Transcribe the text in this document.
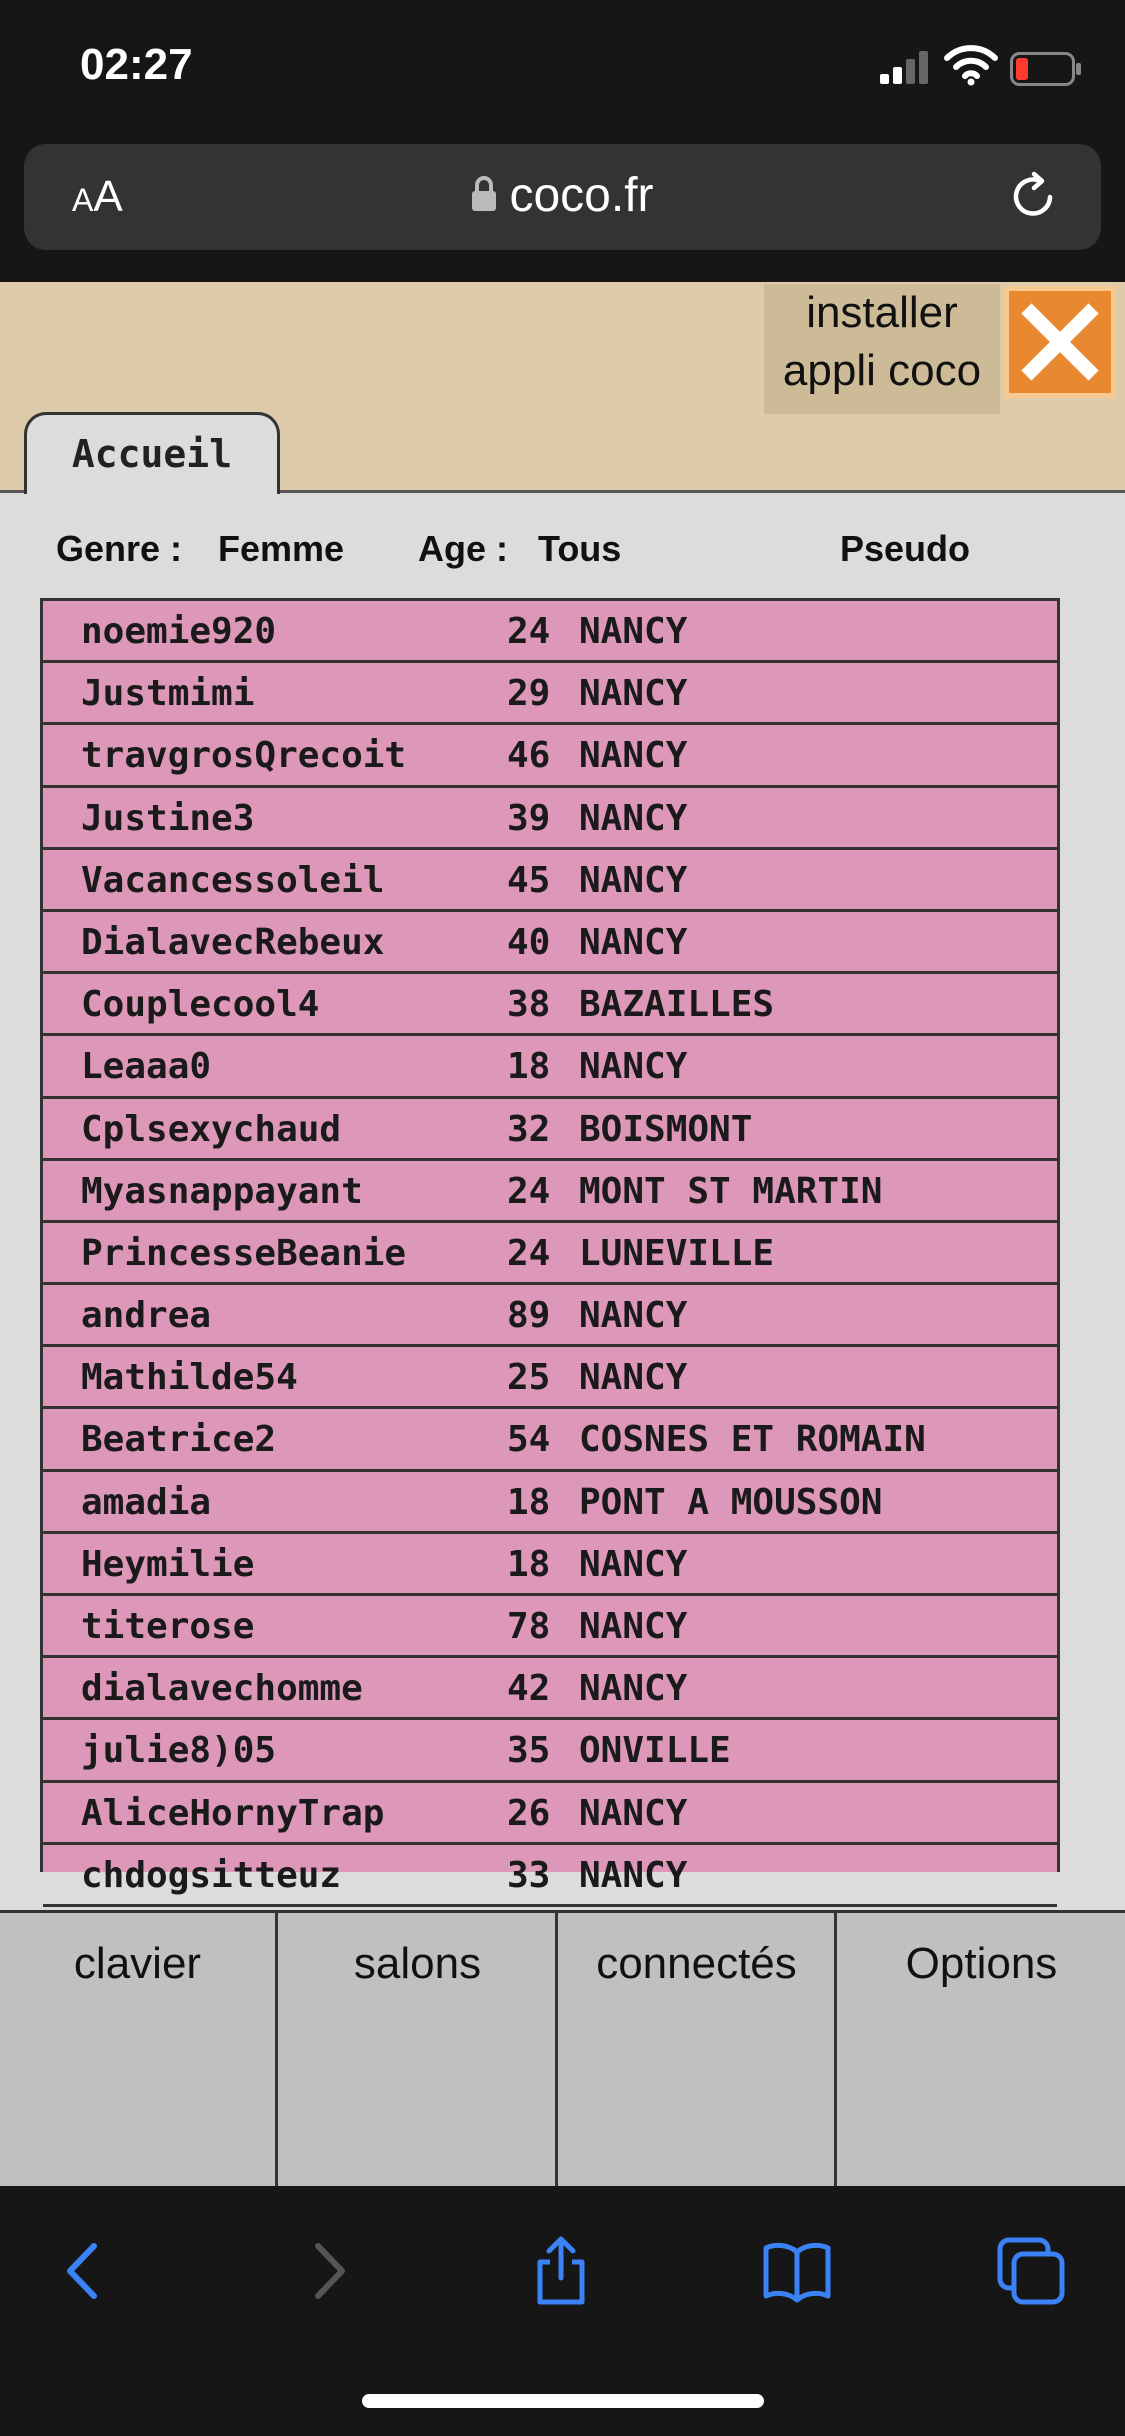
02:27
AA	coco.fr
installer
appli coco
Accueil
Genre : Femme Age : Tous	Pseudo
noemie920	24 NANCY
Justmimi	29 NANCY
travgrosQrecoit	46 NANCY
Justine3	39 NANCY
Vacancessoleil	45 NANCY
DialavecRebeux	40 NANCY
Couplecool4	38 BAZAILLES
Leaaa0	18 NANCY
Cplsexychaud	32 BOISMONT
Myasnappayant	24 MONT ST MARTIN
PrincesseBeanie	24 LUNEVILLE
andrea	89 NANCY
Mathilde54	25 NANCY
Beatrice2	54 COSNES ET ROMAIN
amadia	18 PONT A MOUSSON
Heymilie	18 NANCY
titerose	78 NANCY
dialavechomme	42 NANCY
julie8)05	35 ONVILLE
AliceHornyTrap	26 NANCY
chdogsitteuz	33 NANCY
clavier	salons	connectés	Options
